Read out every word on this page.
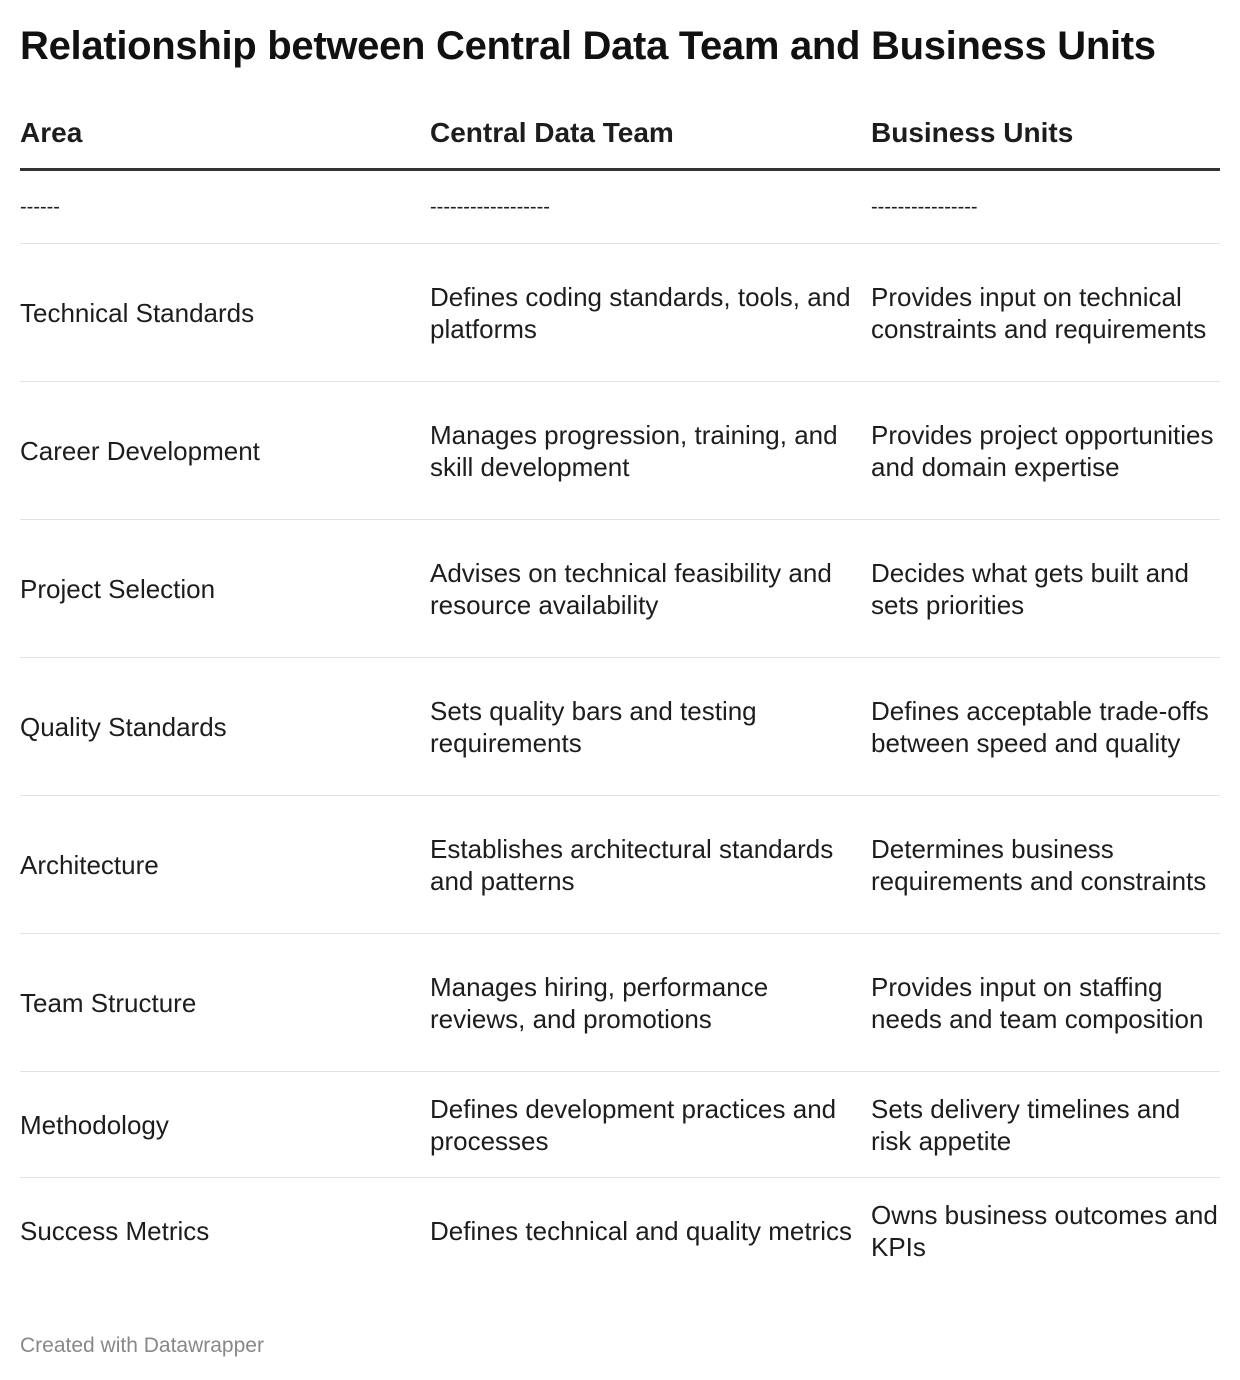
Relationship between Central Data Team and Business Units
Area	Central Data Team	Business Units
------	------------------	----------------

Technical Standards	Defines coding standards, tools, and platforms	Provides input on technical constraints and requirements

Career Development	Manages progression, training, and skill development	Provides project opportunities and domain expertise

Project Selection	Advises on technical feasibility and resource availability	Decides what gets built and sets priorities

Quality Standards	Sets quality bars and testing requirements	Defines acceptable trade-offs between speed and quality

Architecture	Establishes architectural standards and patterns	Determines business requirements and constraints

Team Structure	Manages hiring, performance reviews, and promotions	Provides input on staffing needs and team composition

Methodology	Defines development practices and processes	Sets delivery timelines and risk appetite

Success Metrics	Defines technical and quality metrics	Owns business outcomes and KPIs
Created with Datawrapper
